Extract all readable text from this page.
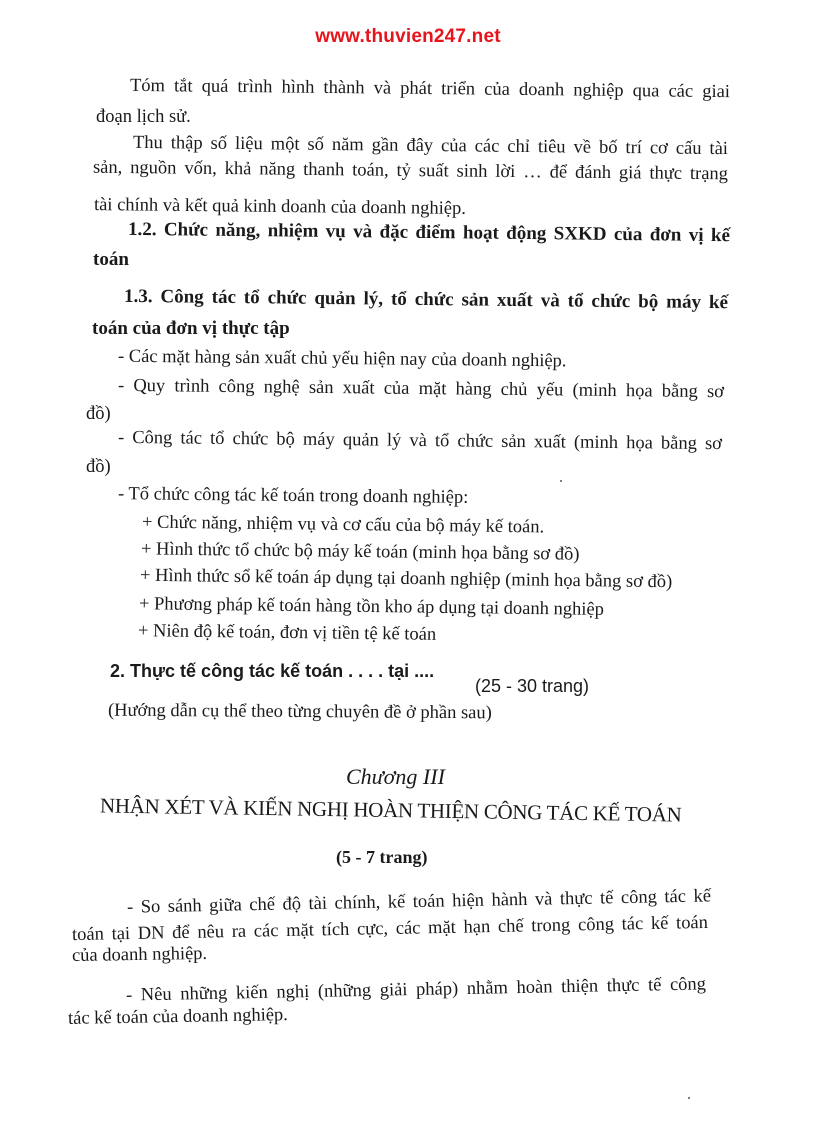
www.thuvien247.net
Tóm tắt quá trình hình thành và phát triển của doanh nghiệp qua các giai
đoạn lịch sử.
Thu thập số liệu một số năm gần đây của các chỉ tiêu về bố trí cơ cấu tài
sản, nguồn vốn, khả năng thanh toán, tỷ suất sinh lời … để đánh giá thực trạng
tài chính và kết quả kinh doanh của doanh nghiệp.
1.2. Chức năng, nhiệm vụ và đặc điểm hoạt động SXKD của đơn vị kế
toán
1.3. Công tác tổ chức quản lý, tổ chức sản xuất và tổ chức bộ máy kế
toán của đơn vị thực tập
- Các mặt hàng sản xuất chủ yếu hiện nay của doanh nghiệp.
- Quy trình công nghệ sản xuất của mặt hàng chủ yếu (minh họa bằng sơ
đồ)
- Công tác tổ chức bộ máy quản lý và tổ chức sản xuất (minh họa bằng sơ
đồ)
- Tổ chức công tác kế toán trong doanh nghiệp:
+ Chức năng, nhiệm vụ và cơ cấu của bộ máy kế toán.
+ Hình thức tổ chức bộ máy kế toán (minh họa bằng sơ đồ)
+ Hình thức sổ kế toán áp dụng tại doanh nghiệp (minh họa bằng sơ đồ)
+ Phương pháp kế toán hàng tồn kho áp dụng tại doanh nghiệp
+ Niên độ kế toán, đơn vị tiền tệ kế toán
2. Thực tế công tác kế toán . . . . tại ....
(25 - 30 trang)
(Hướng dẫn cụ thể theo từng chuyên đề ở phần sau)
Chương III
NHẬN XÉT VÀ KIẾN NGHỊ HOÀN THIỆN CÔNG TÁC KẾ TOÁN
(5 - 7 trang)
- So sánh giữa chế độ tài chính, kế toán hiện hành và thực tế công tác kế
toán tại DN để nêu ra các mặt tích cực, các mặt hạn chế trong công tác kế toán
của doanh nghiệp.
- Nêu những kiến nghị (những giải pháp) nhằm hoàn thiện thực tế công
tác kế toán của doanh nghiệp.
